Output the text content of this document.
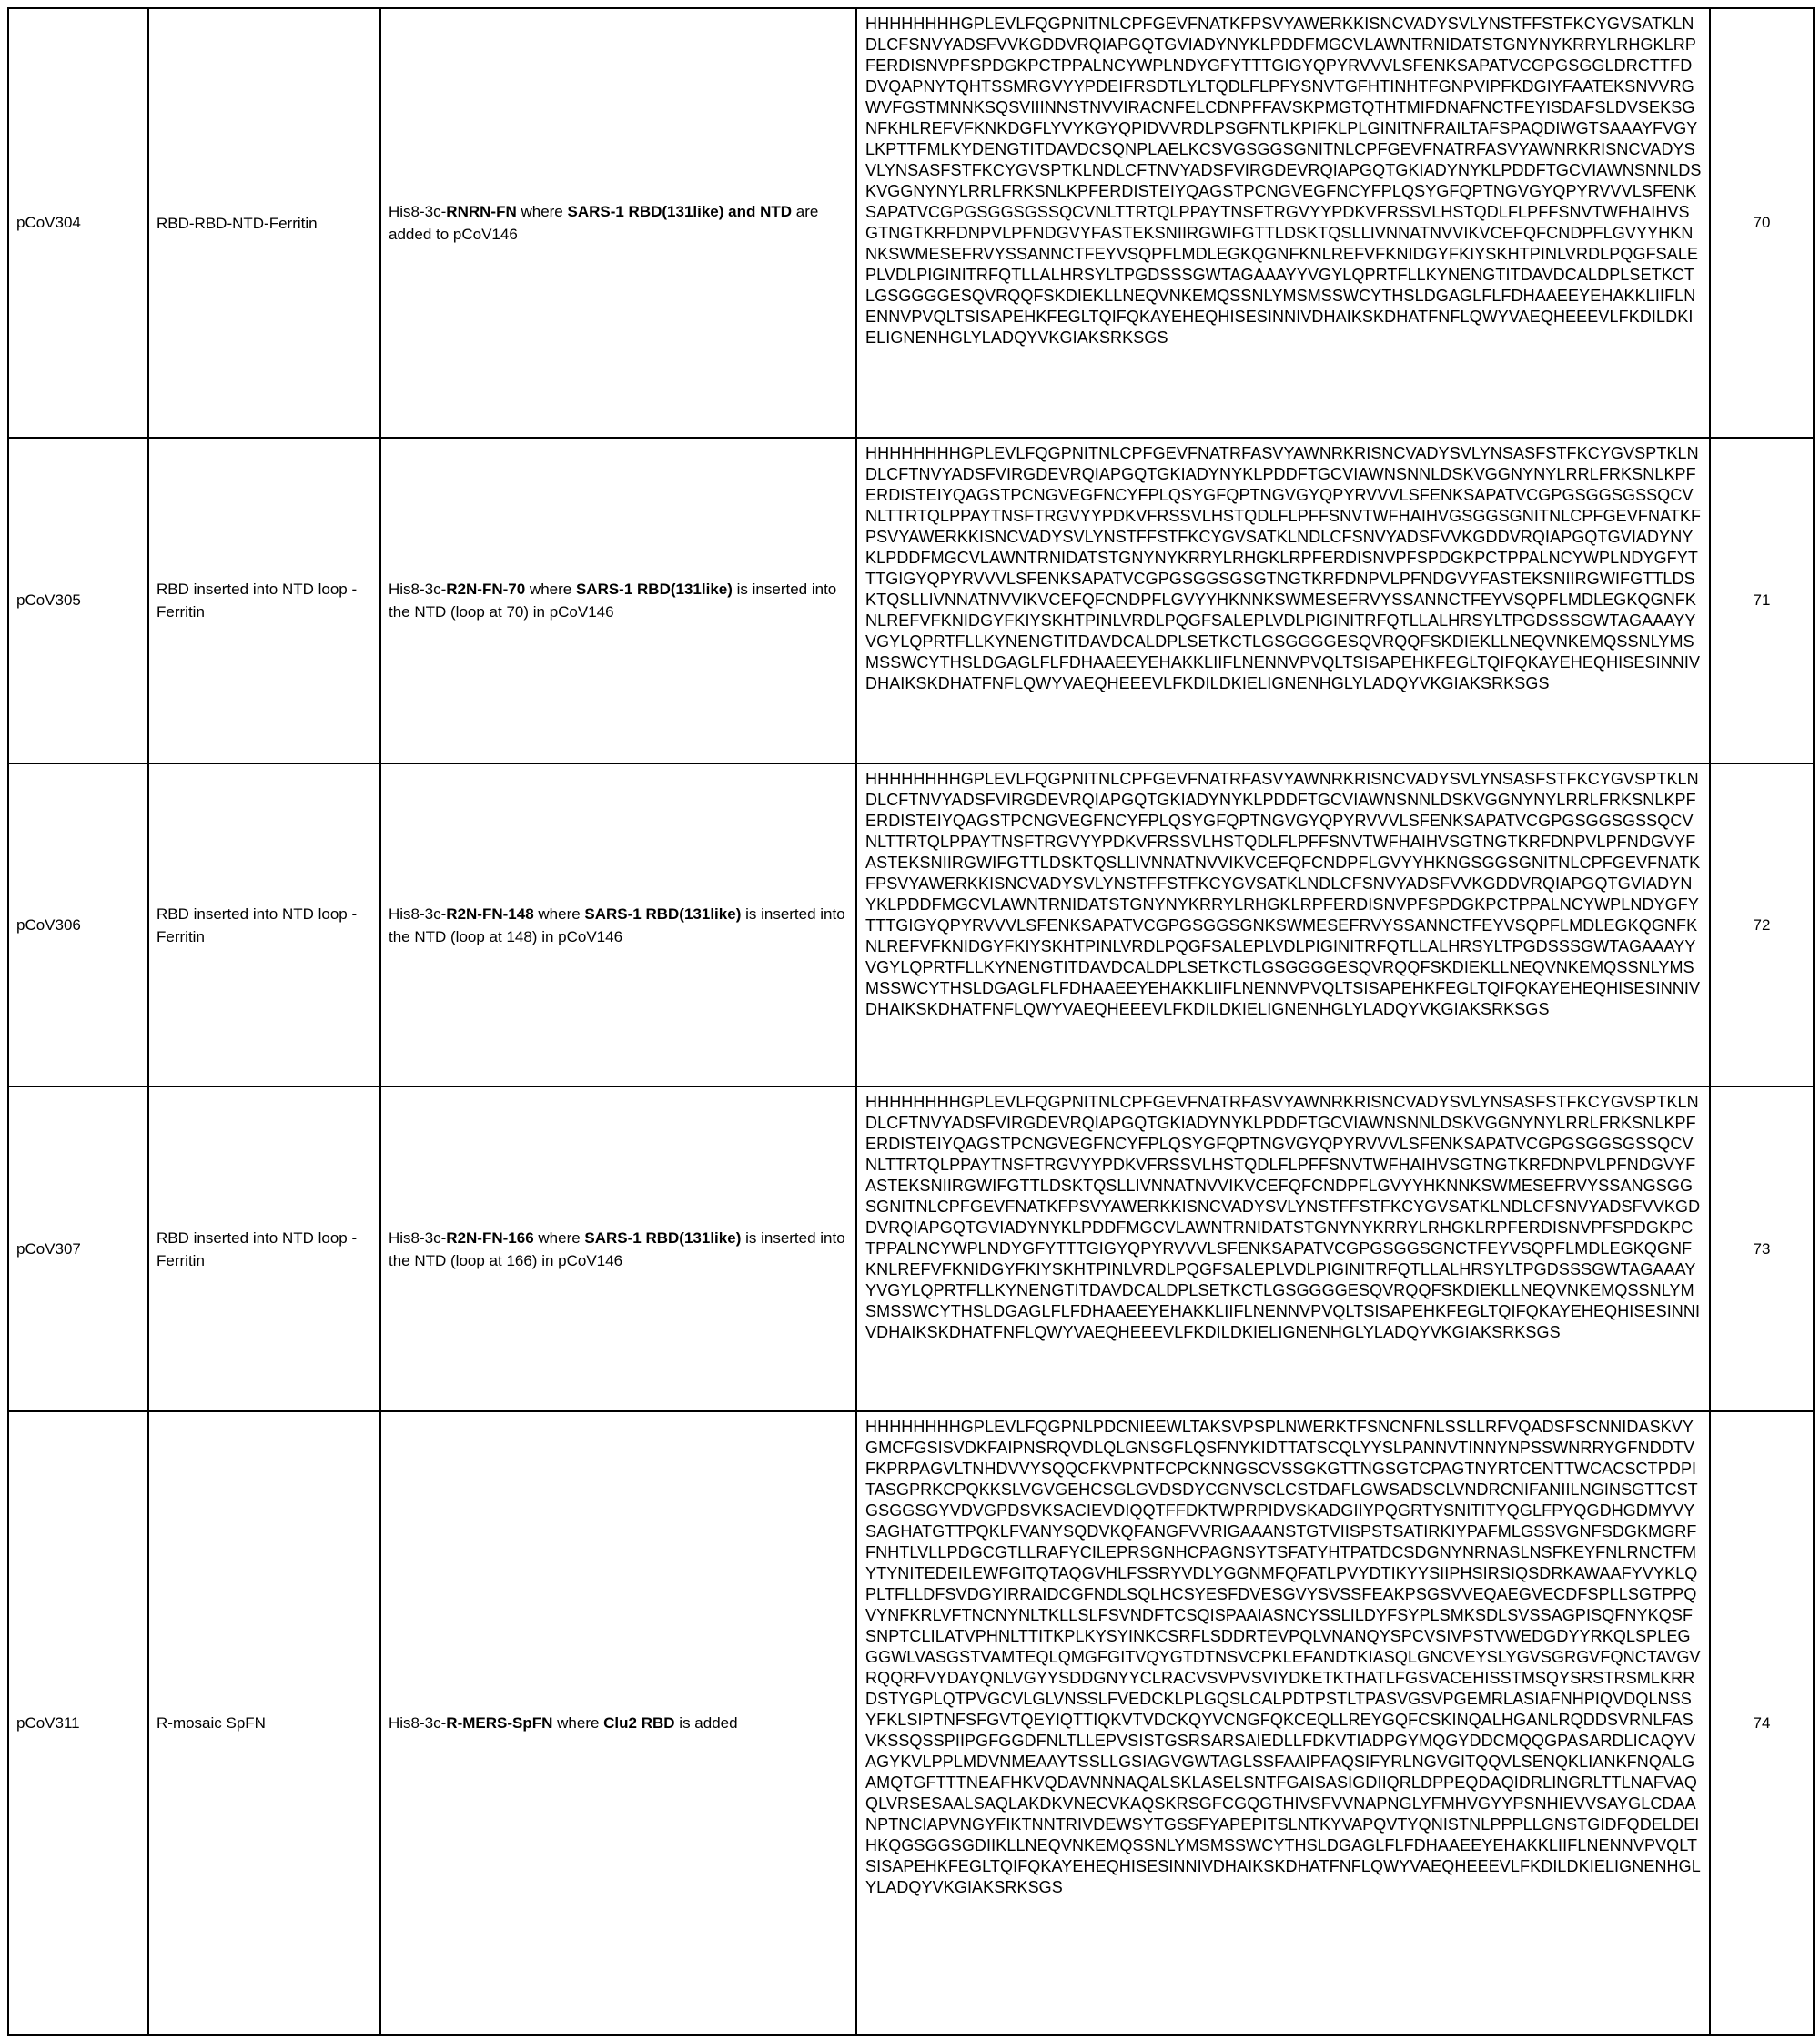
pCoV304	RBD-RBD-NTD-Ferritin	His8-3c-RNRN-FN where SARS-1 RBD(131like) and NTD are added to pCoV146	HHHHHHHHGPLEVLFQGPNITNLCPFGEVFNATKFPSVYAWERKKISNCVADYSVLYNSTFFSTFKCYGVSATKLNDLCFSNVYADSFVVKGDDVRQIAPGQTGVIADYNYKLPDDFMGCVLAWNTRNIDATSTGNYNYKRRYLRHGKLRPFERDISNVPFSPDGKPCTPPALNCYWPLNDYGFYTTTGIGYQPYRVVVLSFENKSAPATVCGPGSGGLDRCTTFDDVQAPNYTQHTSSMRGVYYPDEIFRSDTLYLTQDLFLPFYSNVTGFHTINHTFGNPVIPFKDGIYFAATEKSNVVRGWVFGSTMNNKSQSVIIINNSTNVVIRACNFELCDNPFFAVSKPMGTQTHTMIFDNAFNCTFEYISDAFSLDVSEKSGNFKHLREFVFKNKDGFLYVYKGYQPIDVVRDLPSGFNTLKPIFKLPLGINITNFRAILTAFSPAQDIWGTSAAAYFVGYLKPTTFMLKYDENGTITDAVDCSQNPLAELKCSVGSGGSGNITNLCPFGEVFNATRFASVYAWNRKRISNCVADYSVLYNSASFSTFKCYGVSPTKLNDLCFTNVYADSFVIRGDEVRQIAPGQTGKIADYNYKLPDDFTGCVIAWNSNNLDSKVGGNYNYLRRLFRKSNLKPFERDISTEIYQAGSTPCNGVEGFNCYFPLQSYGFQPTNGVGYQPYRVVVLSFENKSAPATVCGPGSGGSGSSQCVNLTTRTQLPPAYTNSFTRGVYYPDKVFRSSVLHSTQDLFLPFFSNVTWFHAIHVSGTNGTKRFDNPVLPFNDGVYFASTEKSNIIRGWIFGTTLDSKTQSLLIVNNATNVVIKVCEFQFCNDPFLGVYYHKNNKSWMESEFRVYSSANNCTFEYVSQPFLMDLEGKQGNFKNLREFVFKNIDGYFKIYSKHTPINLVRDLPQGFSALEPLVDLPIGINITRFQTLLALHRSYLTPGDSSSGWTAGAAAYYVGYLQPRTFLLKYNENGTITDAVDCALDPLSETKCTLGSGGGGESQVRQQFSKDIEKLLNEQVNKEMQSSNLYMSMSSWCYTHSLDGAGLFLFDHAAEEYEHAKKLIIFLNENNVPVQLTSISAPEHKFEGLTQIFQKAYEHEQHISESINNIVDHAIKSKDHATFNFLQWYVAEQHEEEVLFKDILDKIELIGNENHGLYLADQYVKGIAKSRKSGS	70
pCoV305	RBD inserted into NTD loop - Ferritin	His8-3c-R2N-FN-70 where SARS-1 RBD(131like) is inserted into the NTD (loop at 70) in pCoV146	HHHHHHHHGPLEVLFQGPNITNLCPFGEVFNATRFASVYAWNRKRISNCVADYSVLYNSASFSTFKCYGVSPTKLNDLCFTNVYADSFVIRGDEVRQIAPGQTGKIADYNYKLPDDFTGCVIAWNSNNLDSKVGGNYNYLRRLFRKSNLKPFERDISTEIYQAGSTPCNGVEGFNCYFPLQSYGFQPTNGVGYQPYRVVVLSFENKSAPATVCGPGSGGSGSSQCVNLTTRTQLPPAYTNSFTRGVYYPDKVFRSSVLHSTQDLFLPFFSNVTWFHAIHVGSGGSGNITNLCPFGEVFNATKFPSVYAWERKKISNCVADYSVLYNSTFFSTFKCYGVSATKLNDLCFSNVYADSFVVKGDDVRQIAPGQTGVIADYNYKLPDDFMGCVLAWNTRNIDATSTGNYNYKRRYLRHGKLRPFERDISNVPFSPDGKPCTPPALNCYWPLNDYGFYTTTGIGYQPYRVVVLSFENKSAPATVCGPGSGGSGSGTNGTKRFDNPVLPFNDGVYFASTEKSNIIRGWIFGTTLDSKTQSLLIVNNATNVVIKVCEFQFCNDPFLGVYYHKNNKSWMESEFRVYSSANNCTFEYVSQPFLMDLEGKQGNFKNLREFVFKNIDGYFKIYSKHTPINLVRDLPQGFSALEPLVDLPIGINITRFQTLLALHRSYLTPGDSSSGWTAGAAAYYVGYLQPRTFLLKYNENGTITDAVDCALDPLSETKCTLGSGGGGESQVRQQFSKDIEKLLNEQVNKEMQSSNLYMSMSSWCYTHSLDGAGLFLFDHAAEEYEHAKKLIIFLNENNVPVQLTSISAPEHKFEGLTQIFQKAYEHEQHISESINNIVDHAIKSKDHATFNFLQWYVAEQHEEEVLFKDILDKIELIGNENHGLYLADQYVKGIAKSRKSGS	71
pCoV306	RBD inserted into NTD loop - Ferritin	His8-3c-R2N-FN-148 where SARS-1 RBD(131like) is inserted into the NTD (loop at 148) in pCoV146	HHHHHHHHGPLEVLFQGPNITNLCPFGEVFNATRFASVYAWNRKRISNCVADYSVLYNSASFSTFKCYGVSPTKLNDLCFTNVYADSFVIRGDEVRQIAPGQTGKIADYNYKLPDDFTGCVIAWNSNNLDSKVGGNYNYLRRLFRKSNLKPFERDISTEIYQAGSTPCNGVEGFNCYFPLQSYGFQPTNGVGYQPYRVVVLSFENKSAPATVCGPGSGGSGSSQCVNLTTRTQLPPAYTNSFTRGVYYPDKVFRSSVLHSTQDLFLPFFSNVTWFHAIHVSGTNGTKRFDNPVLPFNDGVYFASTEKSNIIRGWIFGTTLDSKTQSLLIVNNATNVVIKVCEFQFCNDPFLGVYYHKNGSGGSGNITNLCPFGEVFNATKFPSVYAWERKKISNCVADYSVLYNSTFFSTFKCYGVSATKLNDLCFSNVYADSFVVKGDDVRQIAPGQTGVIADYNYKLPDDFMGCVLAWNTRNIDATSTGNYNYKRRYLRHGKLRPFERDISNVPFSPDGKPCTPPALNCYWPLNDYGFYTTTGIGYQPYRVVVLSFENKSAPATVCGPGSGGSGNKSWMESEFRVYSSANNCTFEYVSQPFLMDLEGKQGNFKNLREFVFKNIDGYFKIYSKHTPINLVRDLPQGFSALEPLVDLPIGINITRFQTLLALHRSYLTPGDSSSGWTAGAAAYYVGYLQPRTFLLKYNENGTITDAVDCALDPLSETKCTLGSGGGGESQVRQQFSKDIEKLLNEQVNKEMQSSNLYMSMSSWCYTHSLDGAGLFLFDHAAEEYEHAKKLIIFLNENNVPVQLTSISAPEHKFEGLTQIFQKAYEHEQHISESINNIVDHAIKSKDHATFNFLQWYVAEQHEEEVLFKDILDKIELIGNENHGLYLADQYVKGIAKSRKSGS	72
pCoV307	RBD inserted into NTD loop - Ferritin	His8-3c-R2N-FN-166 where SARS-1 RBD(131like) is inserted into the NTD (loop at 166) in pCoV146	HHHHHHHHGPLEVLFQGPNITNLCPFGEVFNATRFASVYAWNRKRISNCVADYSVLYNSASFSTFKCYGVSPTKLNDLCFTNVYADSFVIRGDEVRQIAPGQTGKIADYNYKLPDDFTGCVIAWNSNNLDSKVGGNYNYLRRLFRKSNLKPFERDISTEIYQAGSTPCNGVEGFNCYFPLQSYGFQPTNGVGYQPYRVVVLSFENKSAPATVCGPGSGGSGSSQCVNLTTRTQLPPAYTNSFTRGVYYPDKVFRSSVLHSTQDLFLPFFSNVTWFHAIHVSGTNGTKRFDNPVLPFNDGVYFASTEKSNIIRGWIFGTTLDSKTQSLLIVNNATNVVIKVCEFQFCNDPFLGVYYHKNNKSWMESEFRVYSSANGSGGSGNITNLCPFGEVFNATKFPSVYAWERKKISNCVADYSVLYNSTFFSTFKCYGVSATKLNDLCFSNVYADSFVVKGDDVRQIAPGQTGVIADYNYKLPDDFMGCVLAWNTRNIDATSTGNYNYKRRYLRHGKLRPFERDISNVPFSPDGKPCTPPALNCYWPLNDYGFYTTTGIGYQPYRVVVLSFENKSAPATVCGPGSGGSGNCTFEYVSQPFLMDLEGKQGNFKNLREFVFKNIDGYFKIYSKHTPINLVRDLPQGFSALEPLVDLPIGINITRFQTLLALHRSYLTPGDSSSGWTAGAAAYYVGYLQPRTFLLKYNENGTITDAVDCALDPLSETKCTLGSGGGGESQVRQQFSKDIEKLLNEQVNKEMQSSNLYMSMSSWCYTHSLDGAGLFLFDHAAEEYEHAKKLIIFLNENNVPVQLTSISAPEHKFEGLTQIFQKAYEHEQHISESINNIVDHAIKSKDHATFNFLQWYVAEQHEEEVLFKDILDKIELIGNENHGLYLADQYVKGIAKSRKSGS	73
pCoV311	R-mosaic SpFN	His8-3c-R-MERS-SpFN where Clu2 RBD is added	HHHHHHHHGPLEVLFQGPNLPDCNIEEWLTAKSVPSPLNWERKTFSNCNFNLSSLLRFVQADSFSCNNIDASKVYGMCFGSISVDKFAIPNSRQVDLQLGNSGFLQSFNYKIDTTATSCQLYYSLPANNVTINNYNPSSWNRRYGFNDDTVFKPRPAGVLTNHDVVYSQQCFKVPNTFCPCKNNGSCVSSGKGTTNGSGTCPAGTNYRTCENTTWCACSCTPDPITASGPRKCPQKKSLVGVGEHCSGLGVDSDYCGNVSCLCSTDAFLGWSADSCLVNDRCNIFANIILNGINSGTTCSTGSGGSGYVDVGPDSVKSACIEVDIQQTFFDKTWPRPIDVSKADGIIYPQGRTYSNITITYQGLFPYQGDHGDMYVYSAGHATGTTPQKLFVANYSQDVKQFANGFVVRIGAAANSTGTVIISPSTSATIRKIYPAFMLGSSVGNFSDGKMGRFFNHTLVLLPDGCGTLLRAFYCILEPRSGNHCPAGNSYTSFATYHTPATDCSDGNYNRNASLNSFKEYFNLRNCTFMYTYNITEDEILEWFGITQTAQGVHLFSSRYVDLYGGNMFQFATLPVYDTIKYYSIIPHSIRSIQSDRKAWAAFYVYKLQPLTFLLDFSVDGYIRRAIDCGFNDLSQLHCSYESFDVESGVYSVSSFEAKPSGSVVEQAEGVECDFSPLLSGTPPQVYNFKRLVFTNCNYNLTKLLSLFSVNDFTCSQISPAAIASNCYSSLILDYFSYPLSMKSDLSVSSAGPISQFNYKQSFSNPTCLILATVPHNLTTITKPLKYSYINKCSRFLSDDRTEVPQLVNANQYSPCVSIVPSTVWEDGDYYRKQLSPLEGGGWLVASGSTVAMTEQLQMGFGITVQYGTDTNSVCPKLEFANDTKIASQLGNCVEYSLYGVSGRGVFQNCTAVGVRQQRFVYDAYQNLVGYYSDDGNYYCLRACVSVPVSVIYDKETKTHATLFGSVACEHISSTMSQYSRSTRSMLKRRDSTYGPLQTPVGCVLGLVNSSLFVEDCKLPLGQSLCALPDTPSTLTPASVGSVPGEMRLASIAFNHPIQVDQLNSSYFKLSIPTNFSFGVTQEYIQTTIQKVTVDCKQYVCNGFQKCEQLLREYGQFCSKINQALHGANLRQDDSVRNLFASVKSSQSSPIIPGFGGDFNLTLLEPVSISTGSRSARSAIEDLLFDKVTIADPGYMQGYDDCMQQGPASARDLICAQYVAGYKVLPPLMDVNMEAAYTSSLLGSIAGVGWTAGLSSFAAIPFAQSIFYRLNGVGITQQVLSENQKLIANKFNQALGAMQTGFTTTNEAFHKVQDAVNNNAQALSKLASELSNTFGAISASIGDIIQRLDPPEQDAQIDRLINGRLTTLNAFVAQQLVRSESAALSAQLAKDKVNECVKAQSKRSGFCGQGTHIVSFVVNAPNGLYFMHVGYYPSNHIEVVSAYGLCDAANPTNCIAPVNGYFIKTNNTRIVDEWSYTGSSFYAPEPITSLNTKYVAPQVTYQNISTNLPPPLLGNSTGIDFQDELDEIHKQGSGGSGDIIKLLNEQVNKEMQSSNLYMSMSSWCYTHSLDGAGLFLFDHAAEEYEHAKKLIIFLNENNVPVQLTSISAPEHKFEGLTQIFQKAYEHEQHISESINNIVDHAIKSKDHATFNFLQWYVAEQHEEEVLFKDILDKIELIGNENHGLYLADQYVKGIAKSRKSGS	74
